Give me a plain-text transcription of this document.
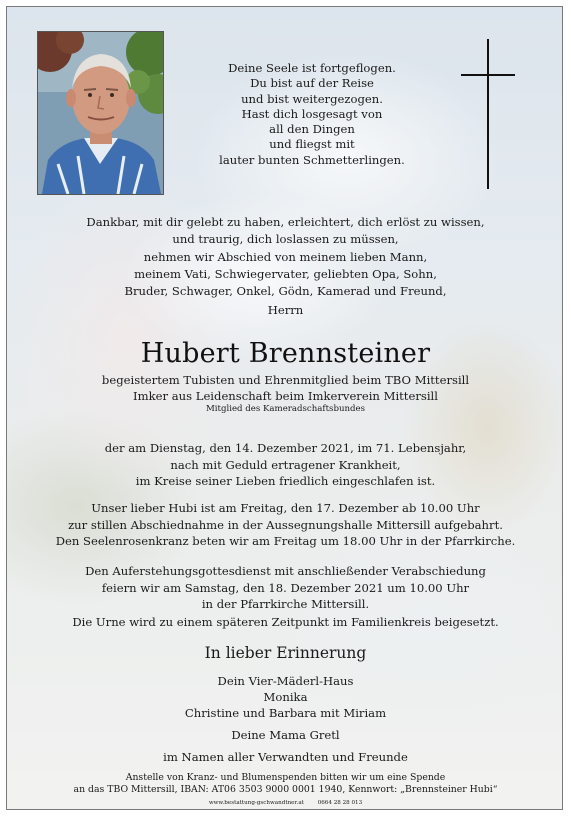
Deine Seele ist fortgeflogen.
Du bist auf der Reise
und bist weitergezogen.
Hast dich losgesagt von
all den Dingen
und fliegst mit
lauter bunten Schmetterlingen.
Dankbar, mit dir gelebt zu haben, erleichtert, dich erlöst zu wissen,
und traurig, dich loslassen zu müssen,
nehmen wir Abschied von meinem lieben Mann,
meinem Vati, Schwiegervater, geliebten Opa, Sohn,
Bruder, Schwager, Onkel, Gödn, Kamerad und Freund,
Herrn
Hubert Brennsteiner
begeistertem Tubisten und Ehrenmitglied beim TBO Mittersill
Imker aus Leidenschaft beim Imkerverein Mittersill
Mitglied des Kameradschaftsbundes
der am Dienstag, den 14. Dezember 2021, im 71. Lebensjahr,
nach mit Geduld ertragener Krankheit,
im Kreise seiner Lieben friedlich eingeschlafen ist.
Unser lieber Hubi ist am Freitag, den 17. Dezember ab 10.00 Uhr
zur stillen Abschiednahme in der Aussegnungshalle Mittersill aufgebahrt.
Den Seelenrosenkranz beten wir am Freitag um 18.00 Uhr in der Pfarrkirche.
Den Auferstehungsgottesdienst mit anschließender Verabschiedung
feiern wir am Samstag, den 18. Dezember 2021 um 10.00 Uhr
in der Pfarrkirche Mittersill.
Die Urne wird zu einem späteren Zeitpunkt im Familienkreis beigesetzt.
In lieber Erinnerung
Dein Vier-Mäderl-Haus
Monika
Christine und Barbara mit Miriam
Deine Mama Gretl
im Namen aller Verwandten und Freunde
Anstelle von Kranz- und Blumenspenden bitten wir um eine Spende
an das TBO Mittersill, IBAN: AT06 3503 9000 0001 1940, Kennwort: „Brennsteiner Hubi“
www.bestattung-gschwandtner.at 0664 28 28 013
